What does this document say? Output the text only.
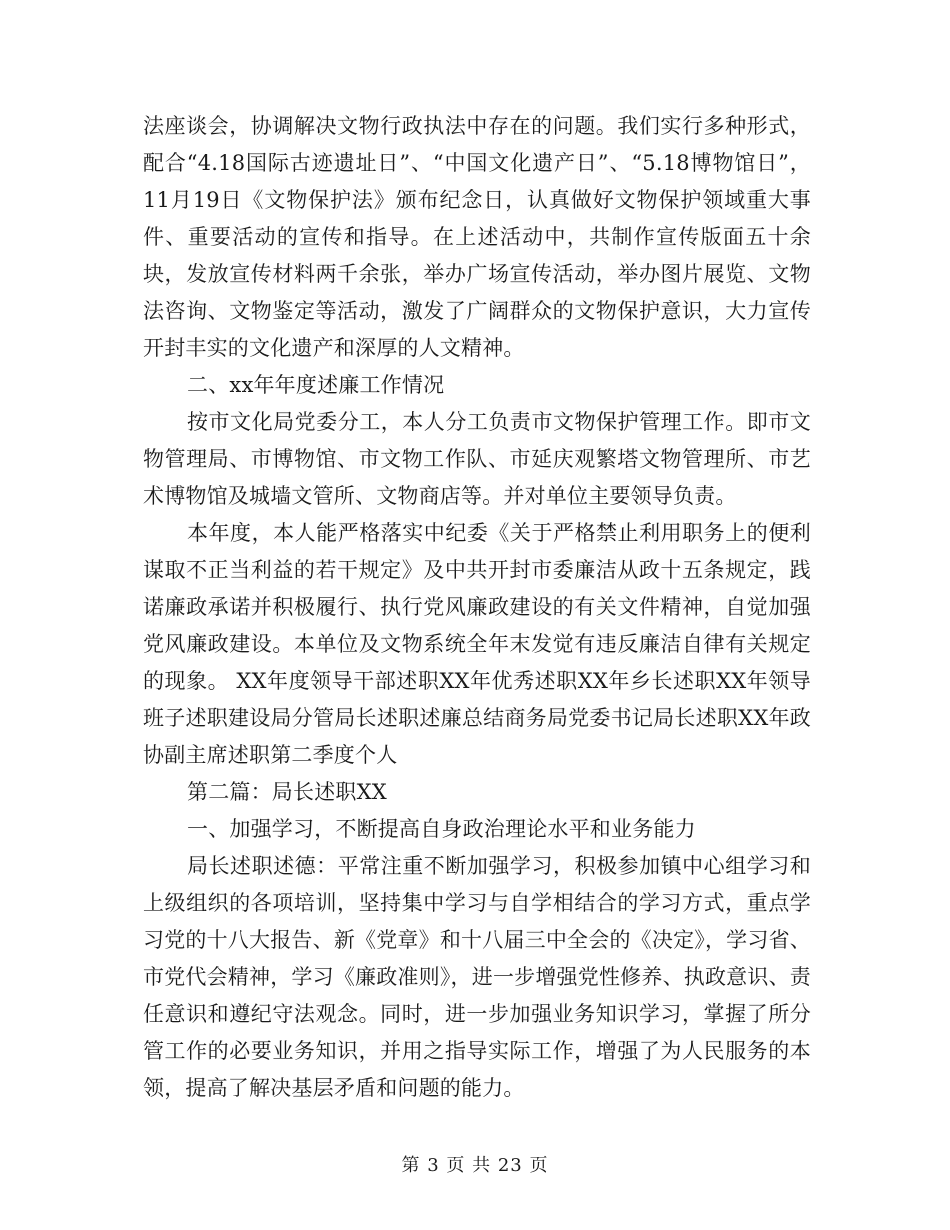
法座谈会，协调解决文物行政执法中存在的问题。我们实行多种形式，配合“4.18国际古迹遗址日”、“中国文化遗产日”、“5.18博物馆日”，11月19日《文物保护法》颁布纪念日，认真做好文物保护领域重大事件、重要活动的宣传和指导。在上述活动中，共制作宣传版面五十余块，发放宣传材料两千余张，举办广场宣传活动，举办图片展览、文物法咨询、文物鉴定等活动，激发了广阔群众的文物保护意识，大力宣传开封丰实的文化遗产和深厚的人文精神。

二、xx年年度述廉工作情况

按市文化局党委分工，本人分工负责市文物保护管理工作。即市文物管理局、市博物馆、市文物工作队、市延庆观繁塔文物管理所、市艺术博物馆及城墙文管所、文物商店等。并对单位主要领导负责。

本年度，本人能严格落实中纪委《关于严格禁止利用职务上的便利谋取不正当利益的若干规定》及中共开封市委廉洁从政十五条规定，践诺廉政承诺并积极履行、执行党风廉政建设的有关文件精神，自觉加强党风廉政建设。本单位及文物系统全年末发觉有违反廉洁自律有关规定的现象。 XX年度领导干部述职XX年优秀述职XX年乡长述职XX年领导班子述职建设局分管局长述职述廉总结商务局党委书记局长述职XX年政协副主席述职第二季度个人

第二篇：局长述职XX

一、加强学习，不断提高自身政治理论水平和业务能力

局长述职述德：平常注重不断加强学习，积极参加镇中心组学习和上级组织的各项培训，坚持集中学习与自学相结合的学习方式，重点学习党的十八大报告、新《党章》和十八届三中全会的《决定》，学习省、市党代会精神，学习《廉政准则》，进一步增强党性修养、执政意识、责任意识和遵纪守法观念。同时，进一步加强业务知识学习，掌握了所分管工作的必要业务知识，并用之指导实际工作，增强了为人民服务的本领，提高了解决基层矛盾和问题的能力。

第 3 页 共 23 页
